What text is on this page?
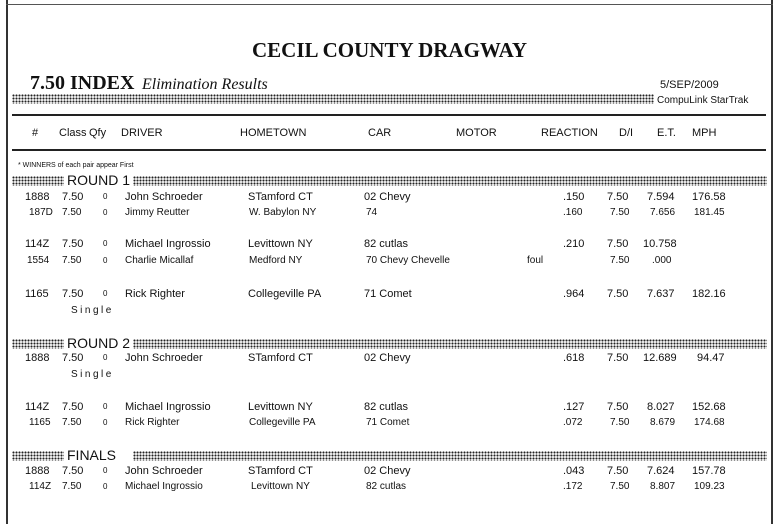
CECIL COUNTY DRAGWAY
7.50 INDEX Elimination Results	5/SEP/2009
CompuLink StarTrak
# Class Qfy DRIVER	HOMETOWN	CAR	MOTOR	REACTION D/I E.T. MPH
* WINNERS of each pair appear First
ROUND 1
1888 7.50 0 John Schroeder	STamford CT	02 Chevy	.150 7.50 7.594 176.58
187D 7.50	0 Jimmy Reutter	W. Babylon NY	74	.160	7.50 7.656 181.45
114Z 7.50 0 Michael Ingrossio	Levittown NY	82 cutlas	.210 7.50 10.758
1554 7.50	0 Charlie Micallaf	Medford NY	70 Chevy Chevelle	foul	7.50 .000
1165 7.50 0 Rick Righter	Collegeville PA	71 Comet	.964 7.50 7.637 182.16
Single
ROUND 2
1888 7.50 0 John Schroeder	STamford CT	02 Chevy	.618 7.50 12.689 94.47
Single
114Z 7.50 0 Michael Ingrossio	Levittown NY	82 cutlas	.127 7.50 8.027 152.68
1165 7.50	0 Rick Righter	Collegeville PA	71 Comet	.072	7.50 8.679 174.68
FINALS
1888 7.50 0 John Schroeder	STamford CT	02 Chevy	.043 7.50 7.624 157.78
114Z 7.50	0 Michael Ingrossio	Levittown NY	82 cutlas	.172	7.50 8.807 109.23
